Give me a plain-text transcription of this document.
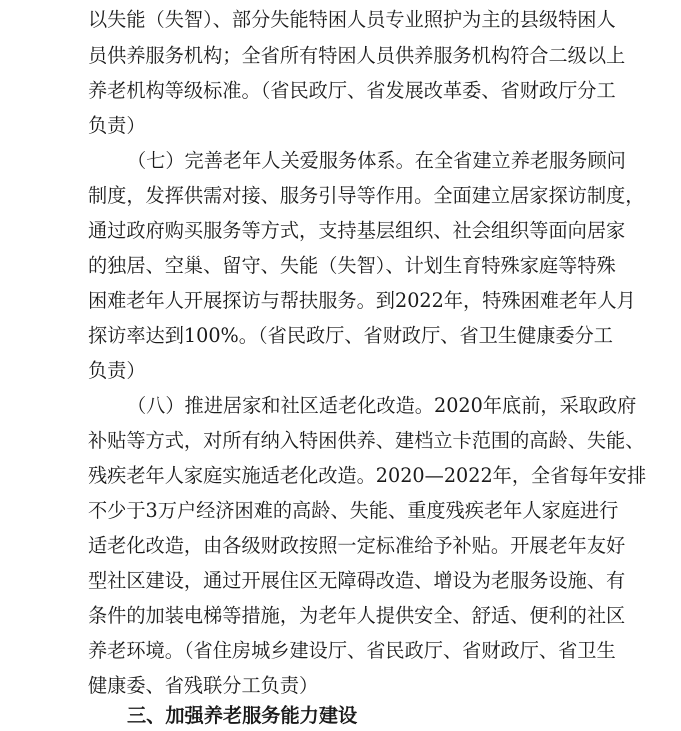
以失能（失智）、部分失能特困人员专业照护为主的县级特困人
员供养服务机构；全省所有特困人员供养服务机构符合二级以上
养老机构等级标准。（省民政厅、省发展改革委、省财政厅分工
负责）
（七）完善老年人关爱服务体系。在全省建立养老服务顾问
制度，发挥供需对接、服务引导等作用。全面建立居家探访制度，
通过政府购买服务等方式，支持基层组织、社会组织等面向居家
的独居、空巢、留守、失能（失智）、计划生育特殊家庭等特殊
困难老年人开展探访与帮扶服务。到2022年，特殊困难老年人月
探访率达到100%。（省民政厅、省财政厅、省卫生健康委分工
负责）
（八）推进居家和社区适老化改造。2020年底前，采取政府
补贴等方式，对所有纳入特困供养、建档立卡范围的高龄、失能、
残疾老年人家庭实施适老化改造。2020—2022年，全省每年安排
不少于3万户经济困难的高龄、失能、重度残疾老年人家庭进行
适老化改造，由各级财政按照一定标准给予补贴。开展老年友好
型社区建设，通过开展住区无障碍改造、增设为老服务设施、有
条件的加装电梯等措施，为老年人提供安全、舒适、便利的社区
养老环境。（省住房城乡建设厅、省民政厅、省财政厅、省卫生
健康委、省残联分工负责）
三、加强养老服务能力建设
